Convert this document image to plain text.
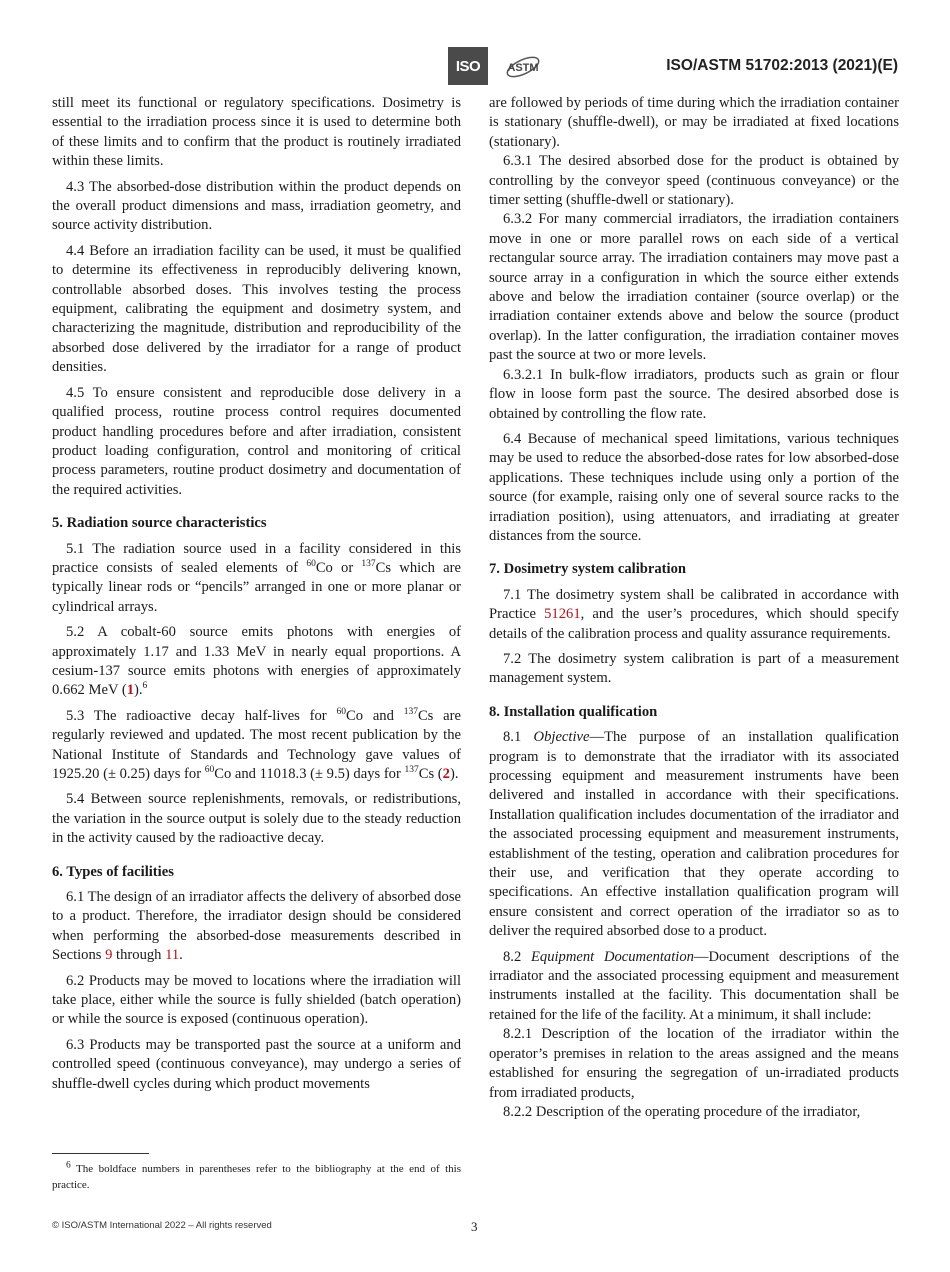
ISO	ASTM	ISO/ASTM 51702:2013 (2021)(E)

still meet its functional or regulatory specifications. Dosimetry is essential to the irradiation process since it is used to determine both of these limits and to confirm that the product is routinely irradiated within these limits.

4.3 The absorbed-dose distribution within the product depends on the overall product dimensions and mass, irradiation geometry, and source activity distribution.

4.4 Before an irradiation facility can be used, it must be qualified to determine its effectiveness in reproducibly delivering known, controllable absorbed doses. This involves testing the process equipment, calibrating the equipment and dosimetry system, and characterizing the magnitude, distribution and reproducibility of the absorbed dose delivered by the irradiator for a range of product densities.

4.5 To ensure consistent and reproducible dose delivery in a qualified process, routine process control requires documented product handling procedures before and after irradiation, consistent product loading configuration, control and monitoring of critical process parameters, routine product dosimetry and documentation of the required activities.

5. Radiation source characteristics

5.1 The radiation source used in a facility considered in this practice consists of sealed elements of $^{60}$Co or $^{137}$Cs which are typically linear rods or “pencils” arranged in one or more planar or cylindrical arrays.

5.2 A cobalt-60 source emits photons with energies of approximately 1.17 and 1.33 MeV in nearly equal proportions. A cesium-137 source emits photons with energies of approximately 0.662 MeV (1).$^6$

5.3 The radioactive decay half-lives for $^{60}$Co and $^{137}$Cs are regularly reviewed and updated. The most recent publication by the National Institute of Standards and Technology gave values of 1925.20 (± 0.25) days for $^{60}$Co and 11018.3 (± 9.5) days for $^{137}$Cs (2).

5.4 Between source replenishments, removals, or redistributions, the variation in the source output is solely due to the steady reduction in the activity caused by the radioactive decay.

6. Types of facilities

6.1 The design of an irradiator affects the delivery of absorbed dose to a product. Therefore, the irradiator design should be considered when performing the absorbed-dose measurements described in Sections 9 through 11.

6.2 Products may be moved to locations where the irradiation will take place, either while the source is fully shielded (batch operation) or while the source is exposed (continuous operation).

6.3 Products may be transported past the source at a uniform and controlled speed (continuous conveyance), may undergo a series of shuffle-dwell cycles during which product movements

are followed by periods of time during which the irradiation container is stationary (shuffle-dwell), or may be irradiated at fixed locations (stationary).

6.3.1 The desired absorbed dose for the product is obtained by controlling by the conveyor speed (continuous conveyance) or the timer setting (shuffle-dwell or stationary).

6.3.2 For many commercial irradiators, the irradiation containers move in one or more parallel rows on each side of a vertical rectangular source array. The irradiation containers may move past a source array in a configuration in which the source either extends above and below the irradiation container (source overlap) or the irradiation container extends above and below the source (product overlap). In the latter configuration, the irradiation container moves past the source at two or more levels.

6.3.2.1 In bulk-flow irradiators, products such as grain or flour flow in loose form past the source. The desired absorbed dose is obtained by controlling the flow rate.

6.4 Because of mechanical speed limitations, various techniques may be used to reduce the absorbed-dose rates for low absorbed-dose applications. These techniques include using only a portion of the source (for example, raising only one of several source racks to the irradiation position), using attenuators, and irradiating at greater distances from the source.

7. Dosimetry system calibration

7.1 The dosimetry system shall be calibrated in accordance with Practice 51261, and the user’s procedures, which should specify details of the calibration process and quality assurance requirements.

7.2 The dosimetry system calibration is part of a measurement management system.

8. Installation qualification

8.1 Objective—The purpose of an installation qualification program is to demonstrate that the irradiator with its associated processing equipment and measurement instruments have been delivered and installed in accordance with their specifications. Installation qualification includes documentation of the irradiator and the associated processing equipment and measurement instruments, establishment of the testing, operation and calibration procedures for their use, and verification that they operate according to specifications. An effective installation qualification program will ensure consistent and correct operation of the irradiator so as to deliver the required absorbed dose to a product.

8.2 Equipment Documentation—Document descriptions of the irradiator and the associated processing equipment and measurement instruments installed at the facility. This documentation shall be retained for the life of the facility. At a minimum, it shall include:

8.2.1 Description of the location of the irradiator within the operator’s premises in relation to the areas assigned and the means established for ensuring the segregation of un-irradiated products from irradiated products,

8.2.2 Description of the operating procedure of the irradiator,

$^6$ The boldface numbers in parentheses refer to the bibliography at the end of this practice.
© ISO/ASTM International 2022 – All rights reserved	3
